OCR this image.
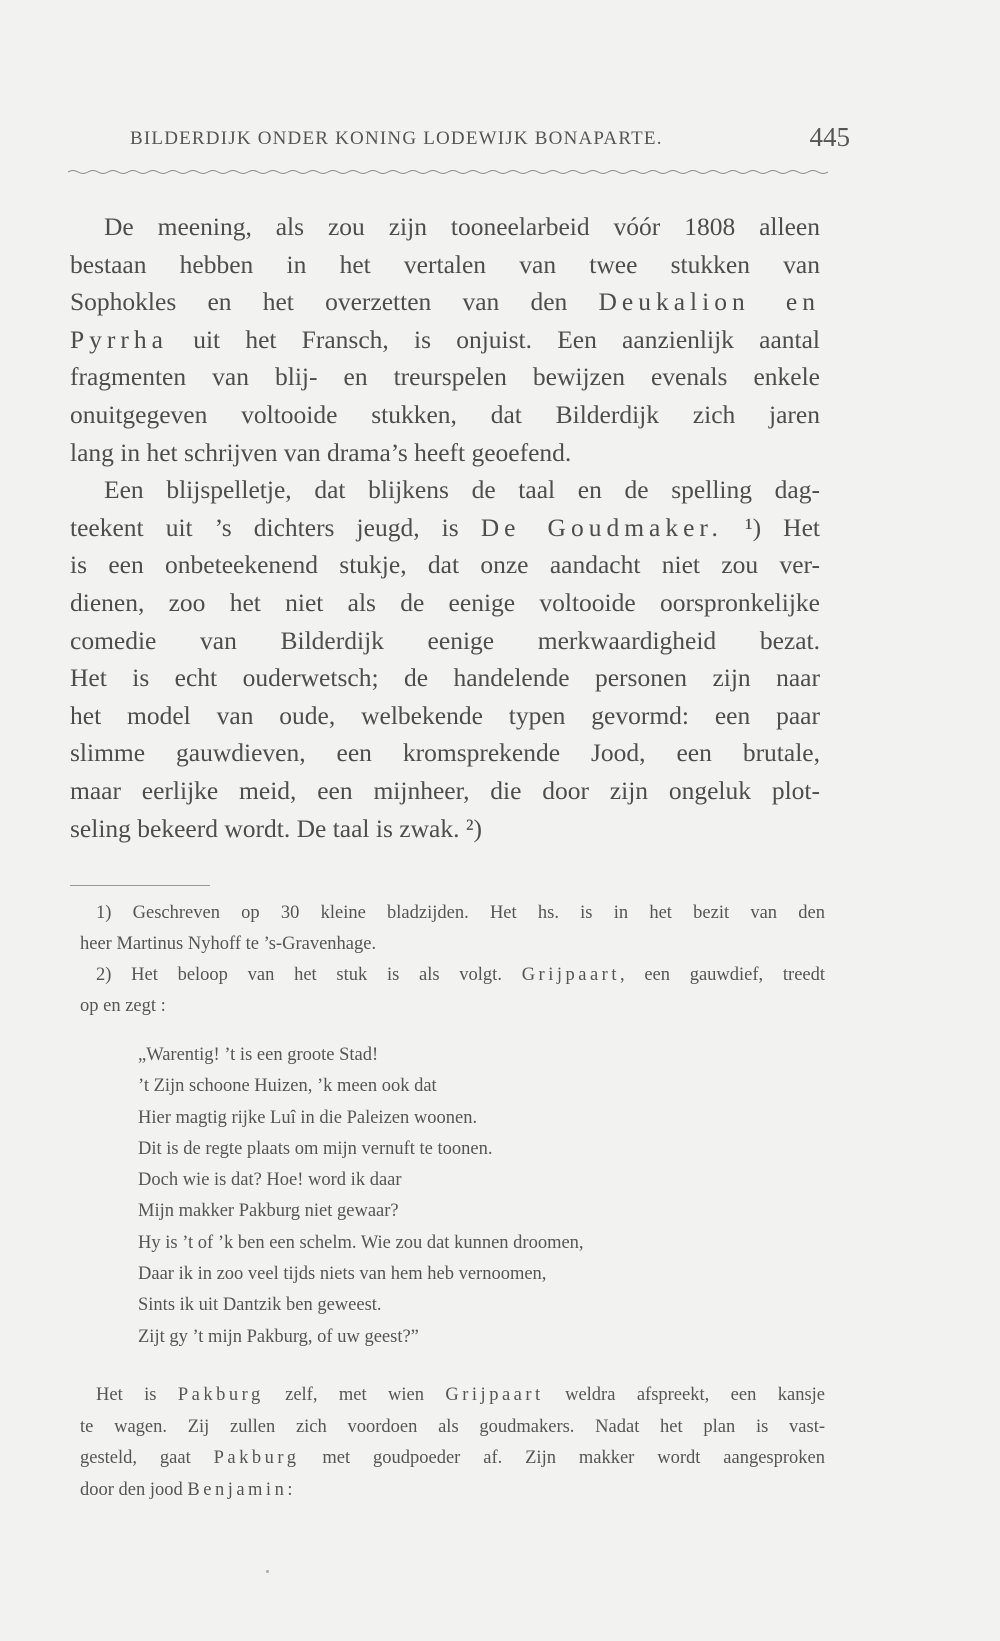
BILDERDIJK ONDER KONING LODEWIJK BONAPARTE.	445
De meening, als zou zijn tooneelarbeid vóór 1808 alleen
bestaan hebben in het vertalen van twee stukken van
Sophokles en het overzetten van den Deukalion en
Pyrrha uit het Fransch, is onjuist. Een aanzienlijk aantal
fragmenten van blij- en treurspelen bewijzen evenals enkele
onuitgegeven voltooide stukken, dat Bilderdijk zich jaren
lang in het schrijven van drama’s heeft geoefend.
Een blijspelletje, dat blijkens de taal en de spelling dag-
teekent uit ’s dichters jeugd, is De Goudmaker. ¹) Het
is een onbeteekenend stukje, dat onze aandacht niet zou ver-
dienen, zoo het niet als de eenige voltooide oorspronkelijke
comedie van Bilderdijk eenige merkwaardigheid bezat.
Het is echt ouderwetsch; de handelende personen zijn naar
het model van oude, welbekende typen gevormd: een paar
slimme gauwdieven, een kromsprekende Jood, een brutale,
maar eerlijke meid, een mijnheer, die door zijn ongeluk plot-
seling bekeerd wordt. De taal is zwak. ²)
1) Geschreven op 30 kleine bladzijden. Het hs. is in het bezit van den
heer Martinus Nyhoff te ’s-Gravenhage.
2) Het beloop van het stuk is als volgt. Grijpaart, een gauwdief, treedt
op en zegt :
„Warentig! ’t is een groote Stad!
’t Zijn schoone Huizen, ’k meen ook dat
Hier magtig rijke Luî in die Paleizen woonen.
Dit is de regte plaats om mijn vernuft te toonen.
Doch wie is dat? Hoe! word ik daar
Mijn makker Pakburg niet gewaar?
Hy is ’t of ’k ben een schelm. Wie zou dat kunnen droomen,
Daar ik in zoo veel tijds niets van hem heb vernoomen,
Sints ik uit Dantzik ben geweest.
Zijt gy ’t mijn Pakburg, of uw geest?”
Het is Pakburg zelf, met wien Grijpaart weldra afspreekt, een kansje
te wagen. Zij zullen zich voordoen als goudmakers. Nadat het plan is vast-
gesteld, gaat Pakburg met goudpoeder af. Zijn makker wordt aangesproken
door den jood Benjamin:
